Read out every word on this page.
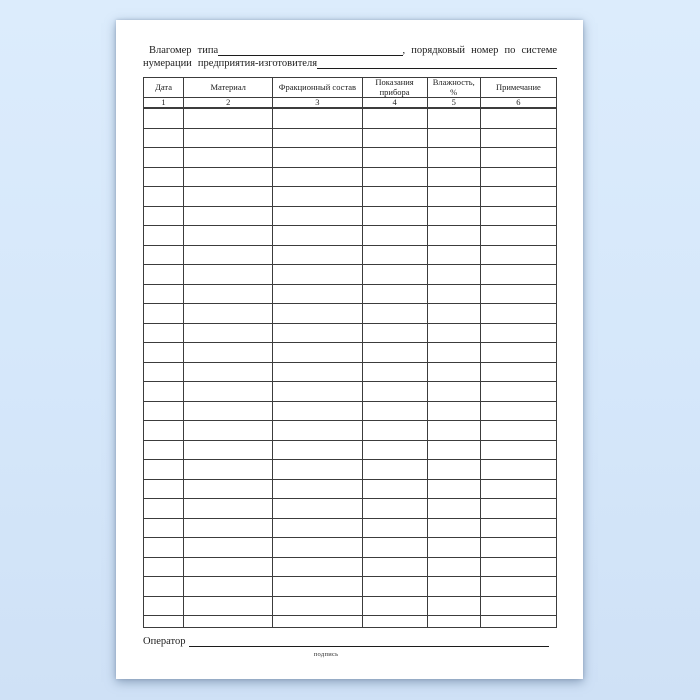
Влагомер типа	, порядковый номер по системе
нумерации предприятия-изготовителя
Дата	Материал	Фракционный состав	Показания прибора	Влажность, %	Примечание
1	2	3	4	5	6

Оператор
подпись
